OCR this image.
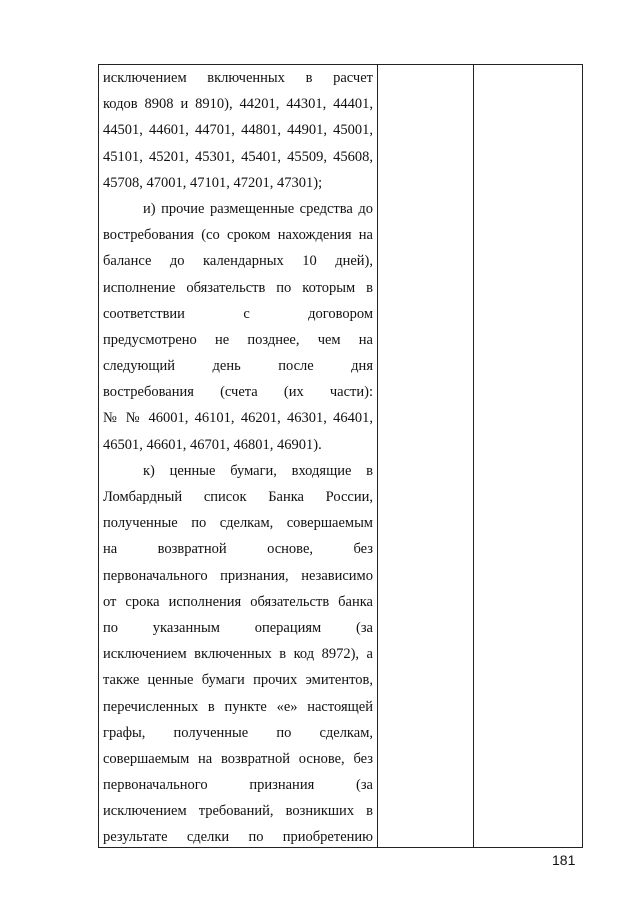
исключением включенных в расчет
кодов 8908 и 8910), 44201, 44301, 44401,
44501, 44601, 44701, 44801, 44901, 45001,
45101, 45201, 45301, 45401, 45509, 45608,
45708, 47001, 47101, 47201, 47301);
и) прочие размещенные средства до
востребования (со сроком нахождения на
балансе до календарных 10 дней),
исполнение обязательств по которым в
соответствии с договором
предусмотрено не позднее, чем на
следующий день после дня
востребования (счета (их части):
№ № 46001, 46101, 46201, 46301, 46401,
46501, 46601, 46701, 46801, 46901).
к) ценные бумаги, входящие в
Ломбардный список Банка России,
полученные по сделкам, совершаемым
на возвратной основе, без
первоначального признания, независимо
от срока исполнения обязательств банка
по указанным операциям (за
исключением включенных в код 8972), а
также ценные бумаги прочих эмитентов,
перечисленных в пункте «е» настоящей
графы, полученные по сделкам,
совершаемым на возвратной основе, без
первоначального признания (за
исключением требований, возникших в
результате сделки по приобретению
181
